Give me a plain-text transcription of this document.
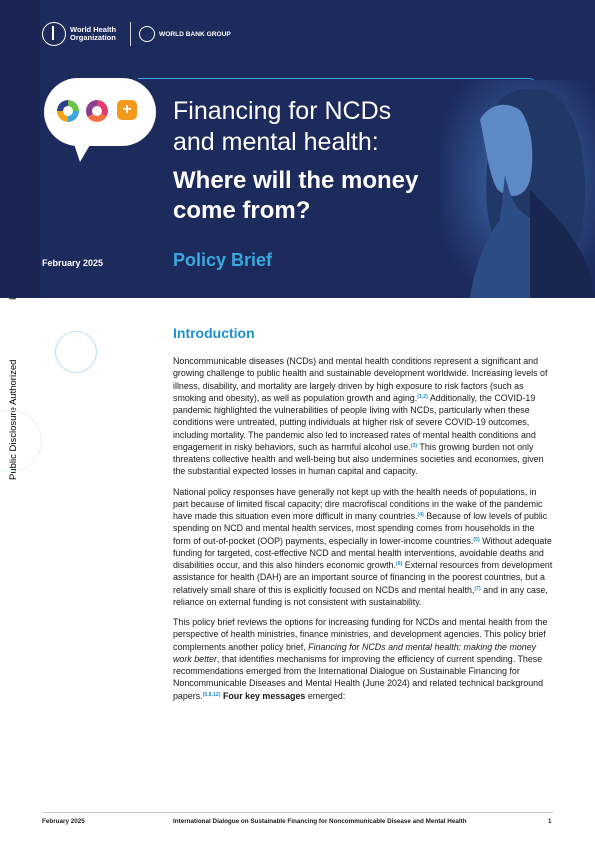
Public Disclosure Authorized
World Health Organization	WORLD BANK GROUP
+ Financing for NCDs and mental health:
Where will the money come from?
February 2025	Policy Brief
Introduction

Noncommunicable diseases (NCDs) and mental health conditions represent a significant and growing challenge to public health and sustainable development worldwide. Increasing levels of illness, disability, and mortality are largely driven by high exposure to risk factors (such as smoking and obesity), as well as population growth and aging.$^{(1,2)}$ Additionally, the COVID-19 pandemic highlighted the vulnerabilities of people living with NCDs, particularly when these conditions were untreated, putting individuals at higher risk of severe COVID-19 outcomes, including mortality. The pandemic also led to increased rates of mental health conditions and engagement in risky behaviors, such as harmful alcohol use.$^{(3)}$ This growing burden not only threatens collective health and well-being but also undermines societies and economies, given the substantial expected losses in human capital and capacity.

National policy responses have generally not kept up with the health needs of populations, in part because of limited fiscal capacity; dire macrofiscal conditions in the wake of the pandemic have made this situation even more difficult in many countries.$^{(4)}$ Because of low levels of public spending on NCD and mental health services, most spending comes from households in the form of out-of-pocket (OOP) payments, especially in lower-income countries.$^{(5)}$ Without adequate funding for targeted, cost-effective NCD and mental health interventions, avoidable deaths and disabilities occur, and this also hinders economic growth.$^{(6)}$ External resources from development assistance for health (DAH) are an important source of financing in the poorest countries, but a relatively small share of this is explicitly focused on NCDs and mental health,$^{(7)}$ and in any case, reliance on external funding is not consistent with sustainability.

This policy brief reviews the options for increasing funding for NCDs and mental health from the perspective of health ministries, finance ministries, and development agencies. This policy brief complements another policy brief, Financing for NCDs and mental health: making the money work better, that identifies mechanisms for improving the efficiency of current spending. These recommendations emerged from the International Dialogue on Sustainable Financing for Noncommunicable Diseases and Mental Health (June 2024) and related technical background papers.$^{(5,8,12)}$ Four key messages emerged:

February 2025	International Dialogue on Sustainable Financing for Noncommunicable Disease and Mental Health	1
